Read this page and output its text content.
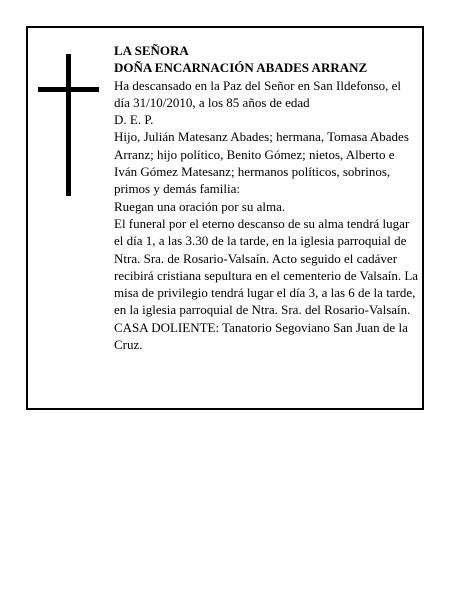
LA SEÑORA

DOÑA ENCARNACIÓN ABADES ARRANZ

Ha descansado en la Paz del Señor en San Ildefonso, el día 31/10/2010, a los 85 años de edad

D. E. P.

Hijo, Julián Matesanz Abades; hermana, Tomasa Abades Arranz; hijo político, Benito Gómez; nietos, Alberto e Iván Gómez Matesanz; hermanos políticos, sobrinos, primos y demás familia:

Ruegan una oración por su alma.

El funeral por el eterno descanso de su alma tendrá lugar el día 1, a las 3.30 de la tarde, en la iglesia parroquial de Ntra. Sra. de Rosario-Valsaín. Acto seguido el cadáver recibirá cristiana sepultura en el cementerio de Valsaín. La misa de privilegio tendrá lugar el día 3, a las 6 de la tarde, en la iglesia parroquial de Ntra. Sra. del Rosario-Valsaín.

CASA DOLIENTE: Tanatorio Segoviano San Juan de la Cruz.
